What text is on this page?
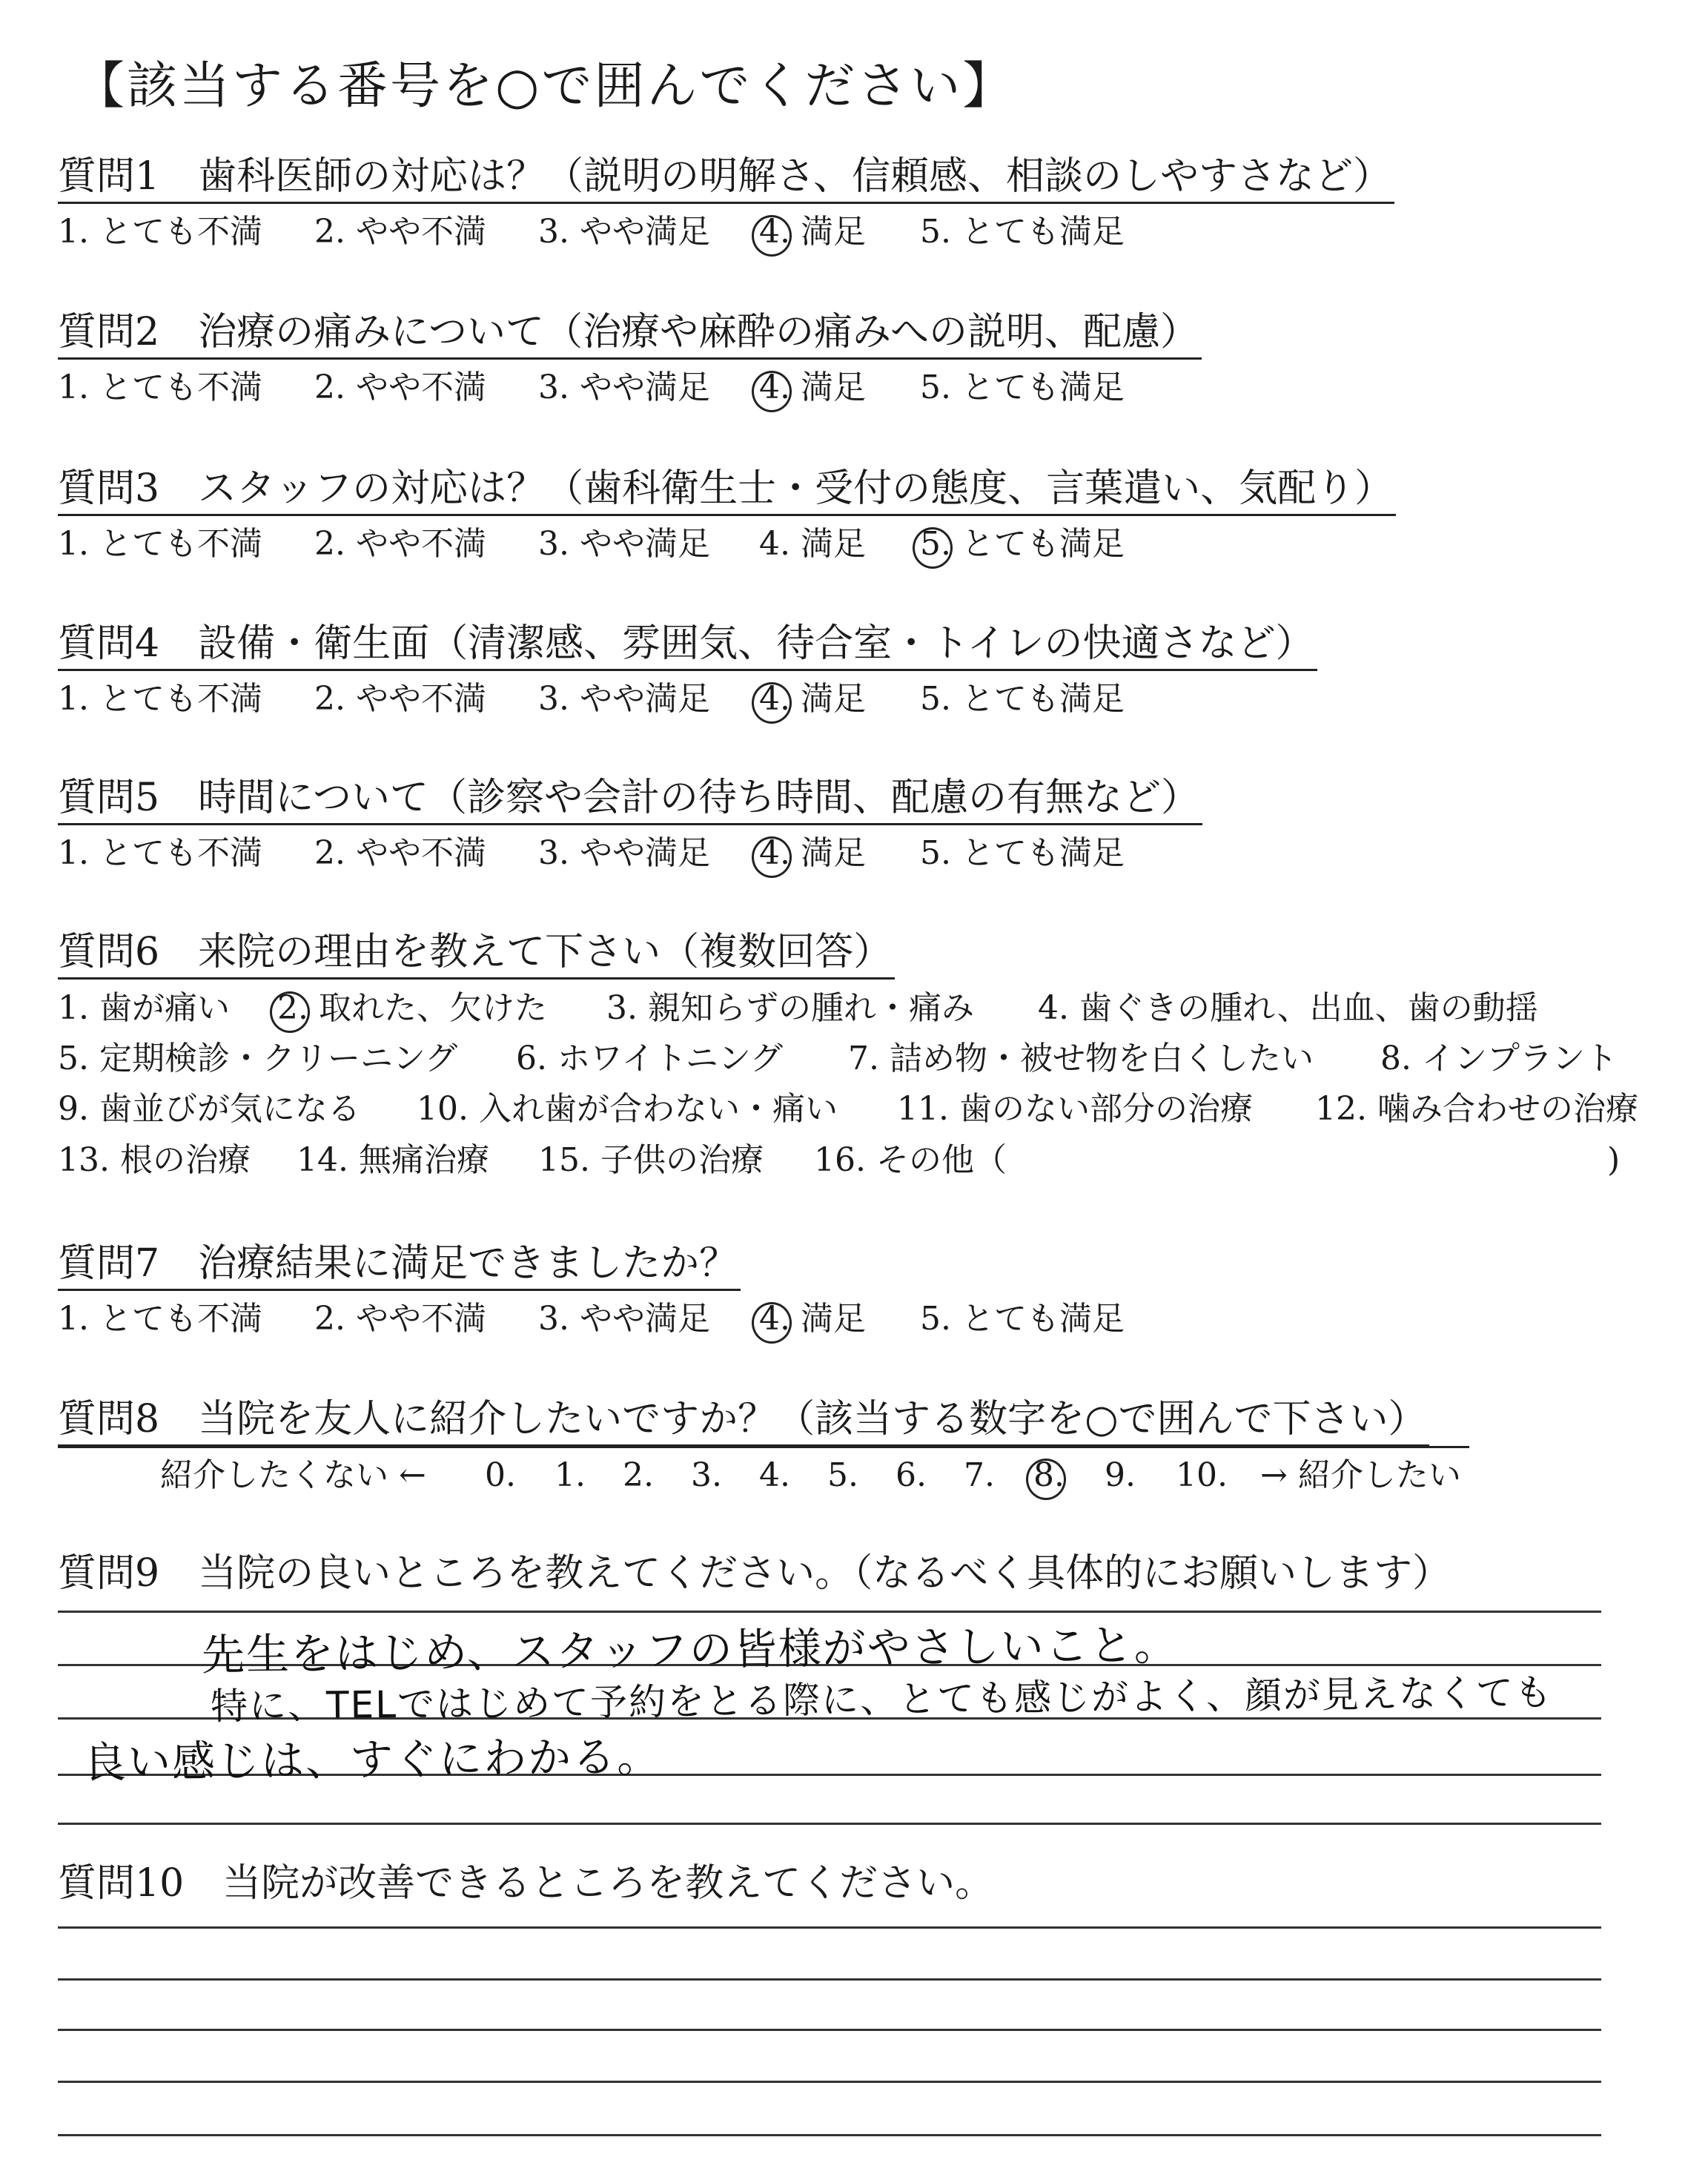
【該当する番号を○で囲んでください】
質問1　歯科医師の対応は？（説明の明解さ、信頼感、相談のしやすさなど）
1. とても不満 2. やや不満 3. やや満足 4. 満足 5. とても満足
質問2　治療の痛みについて（治療や麻酔の痛みへの説明、配慮）
1. とても不満 2. やや不満 3. やや満足 4. 満足 5. とても満足
質問3　スタッフの対応は？（歯科衛生士・受付の態度、言葉遣い、気配り）
1. とても不満 2. やや不満 3. やや満足 4. 満足 5. とても満足
質問4　設備・衛生面（清潔感、雰囲気、待合室・トイレの快適さなど）
1. とても不満 2. やや不満 3. やや満足 4. 満足 5. とても満足
質問5　時間について（診察や会計の待ち時間、配慮の有無など）
1. とても不満 2. やや不満 3. やや満足 4. 満足 5. とても満足
質問6　来院の理由を教えて下さい（複数回答）
1. 歯が痛い 2. 取れた、欠けた 3. 親知らずの腫れ・痛み 4. 歯ぐきの腫れ、出血、歯の動揺
5. 定期検診・クリーニング 6. ホワイトニング 7. 詰め物・被せ物を白くしたい 8. インプラント
9. 歯並びが気になる 10. 入れ歯が合わない・痛い 11. 歯のない部分の治療 12. 噛み合わせの治療
13. 根の治療 14. 無痛治療 15. 子供の治療 16. その他（	)
質問7　治療結果に満足できましたか？
1. とても不満 2. やや不満 3. やや満足 4. 満足 5. とても満足
質問8　当院を友人に紹介したいですか？（該当する数字を○で囲んで下さい）
紹介したくない ← 0. 1. 2. 3. 4. 5. 6. 7. 8. 9. 10. → 紹介したい
質問9　当院の良いところを教えてください。（なるべく具体的にお願いします）
先生をはじめ、スタッフの皆様がやさしいこと。
特に、TELではじめて予約をとる際に、とても感じがよく、顔が見えなくても
良い感じは、すぐにわかる。
質問10　当院が改善できるところを教えてください。
